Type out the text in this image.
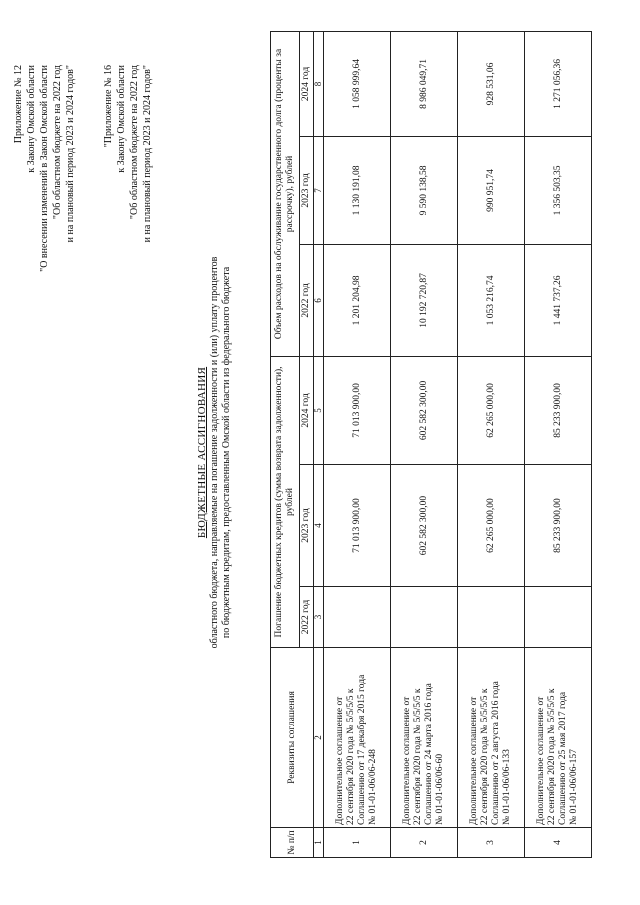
Приложение № 12 к Закону Омской области "О внесении изменений в Закон Омской области "Об областном бюджете на 2022 год и на плановый период 2023 и 2024 годов"	"Приложение № 16 к Закону Омской области "Об областном бюджете на 2022 год и на плановый период 2023 и 2024 годов"
БЮДЖЕТНЫЕ АССИГНОВАНИЯ областного бюджета, направляемые на погашение задолженности и (или) уплату процентов по бюджетным кредитам, предоставленным Омской области из федерального бюджета
№ п/п	Реквизиты соглашения	Погашение бюджетных кредитов (сумма возврата задолженности), рублей			Объем расходов на обслуживание государственного долга (проценты за рассрочку), рублей		
		2022 год	2023 год	2024 год	2022 год	2023 год	2024 год
1	2	3	4	5	6	7	8
1	Дополнительное соглашение от 22 сентября 2020 года № 5/5/5/5 к Соглашению от 17 декабря 2015 года № 01-01-06/06-248		71 013 900,00	71 013 900,00	1 201 204,98	1 130 191,08	1 058 999,64
2	Дополнительное соглашение от 22 сентября 2020 года № 5/5/5/5 к Соглашению от 24 марта 2016 года № 01-01-06/06-60		602 582 300,00	602 582 300,00	10 192 720,87	9 590 138,58	8 986 049,71
3	Дополнительное соглашение от 22 сентября 2020 года № 5/5/5/5 к Соглашению от 2 августа 2016 года № 01-01-06/06-133		62 265 000,00	62 265 000,00	1 053 216,74	990 951,74	928 531,06
4	Дополнительное соглашение от 22 сентября 2020 года № 5/5/5/5 к Соглашению от 25 мая 2017 года № 01-01-06/06-157		85 233 900,00	85 233 900,00	1 441 737,26	1 356 503,35	1 271 056,36
